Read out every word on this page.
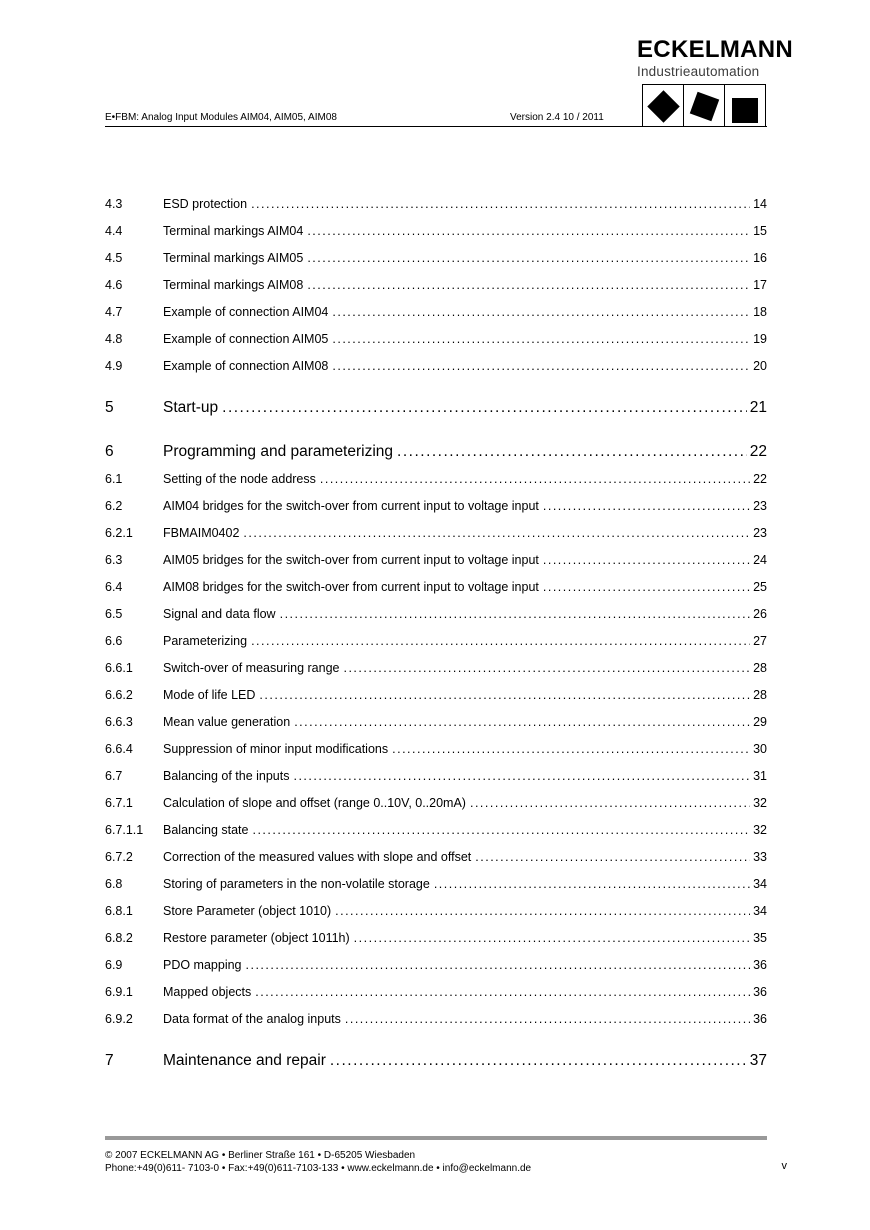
ECKELMANN
Industrieautomation
E•FBM: Analog Input Modules AIM04, AIM05, AIM08	Version 2.4 10 / 2011
4.3	ESD protection .....	14
4.4	Terminal markings AIM04 .....	15
4.5	Terminal markings AIM05 .....	16
4.6	Terminal markings AIM08 .....	17
4.7	Example of connection AIM04 .....	18
4.8	Example of connection AIM05 .....	19
4.9	Example of connection AIM08 .....	20
5	Start-up .....	21
6	Programming and parameterizing .....	22
6.1	Setting of the node address .....	22
6.2	AIM04 bridges for the switch-over from current input to voltage input .....	23
6.2.1	FBMAIM0402 .....	23
6.3	AIM05 bridges for the switch-over from current input to voltage input .....	24
6.4	AIM08 bridges for the switch-over from current input to voltage input .....	25
6.5	Signal and data flow .....	26
6.6	Parameterizing .....	27
6.6.1	Switch-over of measuring range .....	28
6.6.2	Mode of life LED .....	28
6.6.3	Mean value generation .....	29
6.6.4	Suppression of minor input modifications .....	30
6.7	Balancing of the inputs .....	31
6.7.1	Calculation of slope and offset (range 0..10V, 0..20mA) .....	32
6.7.1.1	Balancing state .....	32
6.7.2	Correction of the measured values with slope and offset .....	33
6.8	Storing of parameters in the non-volatile storage .....	34
6.8.1	Store Parameter (object 1010) .....	34
6.8.2	Restore parameter (object 1011h) .....	35
6.9	PDO mapping .....	36
6.9.1	Mapped objects .....	36
6.9.2	Data format of the analog inputs .....	36
7	Maintenance and repair .....	37
© 2007 ECKELMANN AG • Berliner Straße 161 • D-65205 Wiesbaden
Phone:+49(0)611- 7103-0 • Fax:+49(0)611-7103-133 • www.eckelmann.de • info@eckelmann.de	v
